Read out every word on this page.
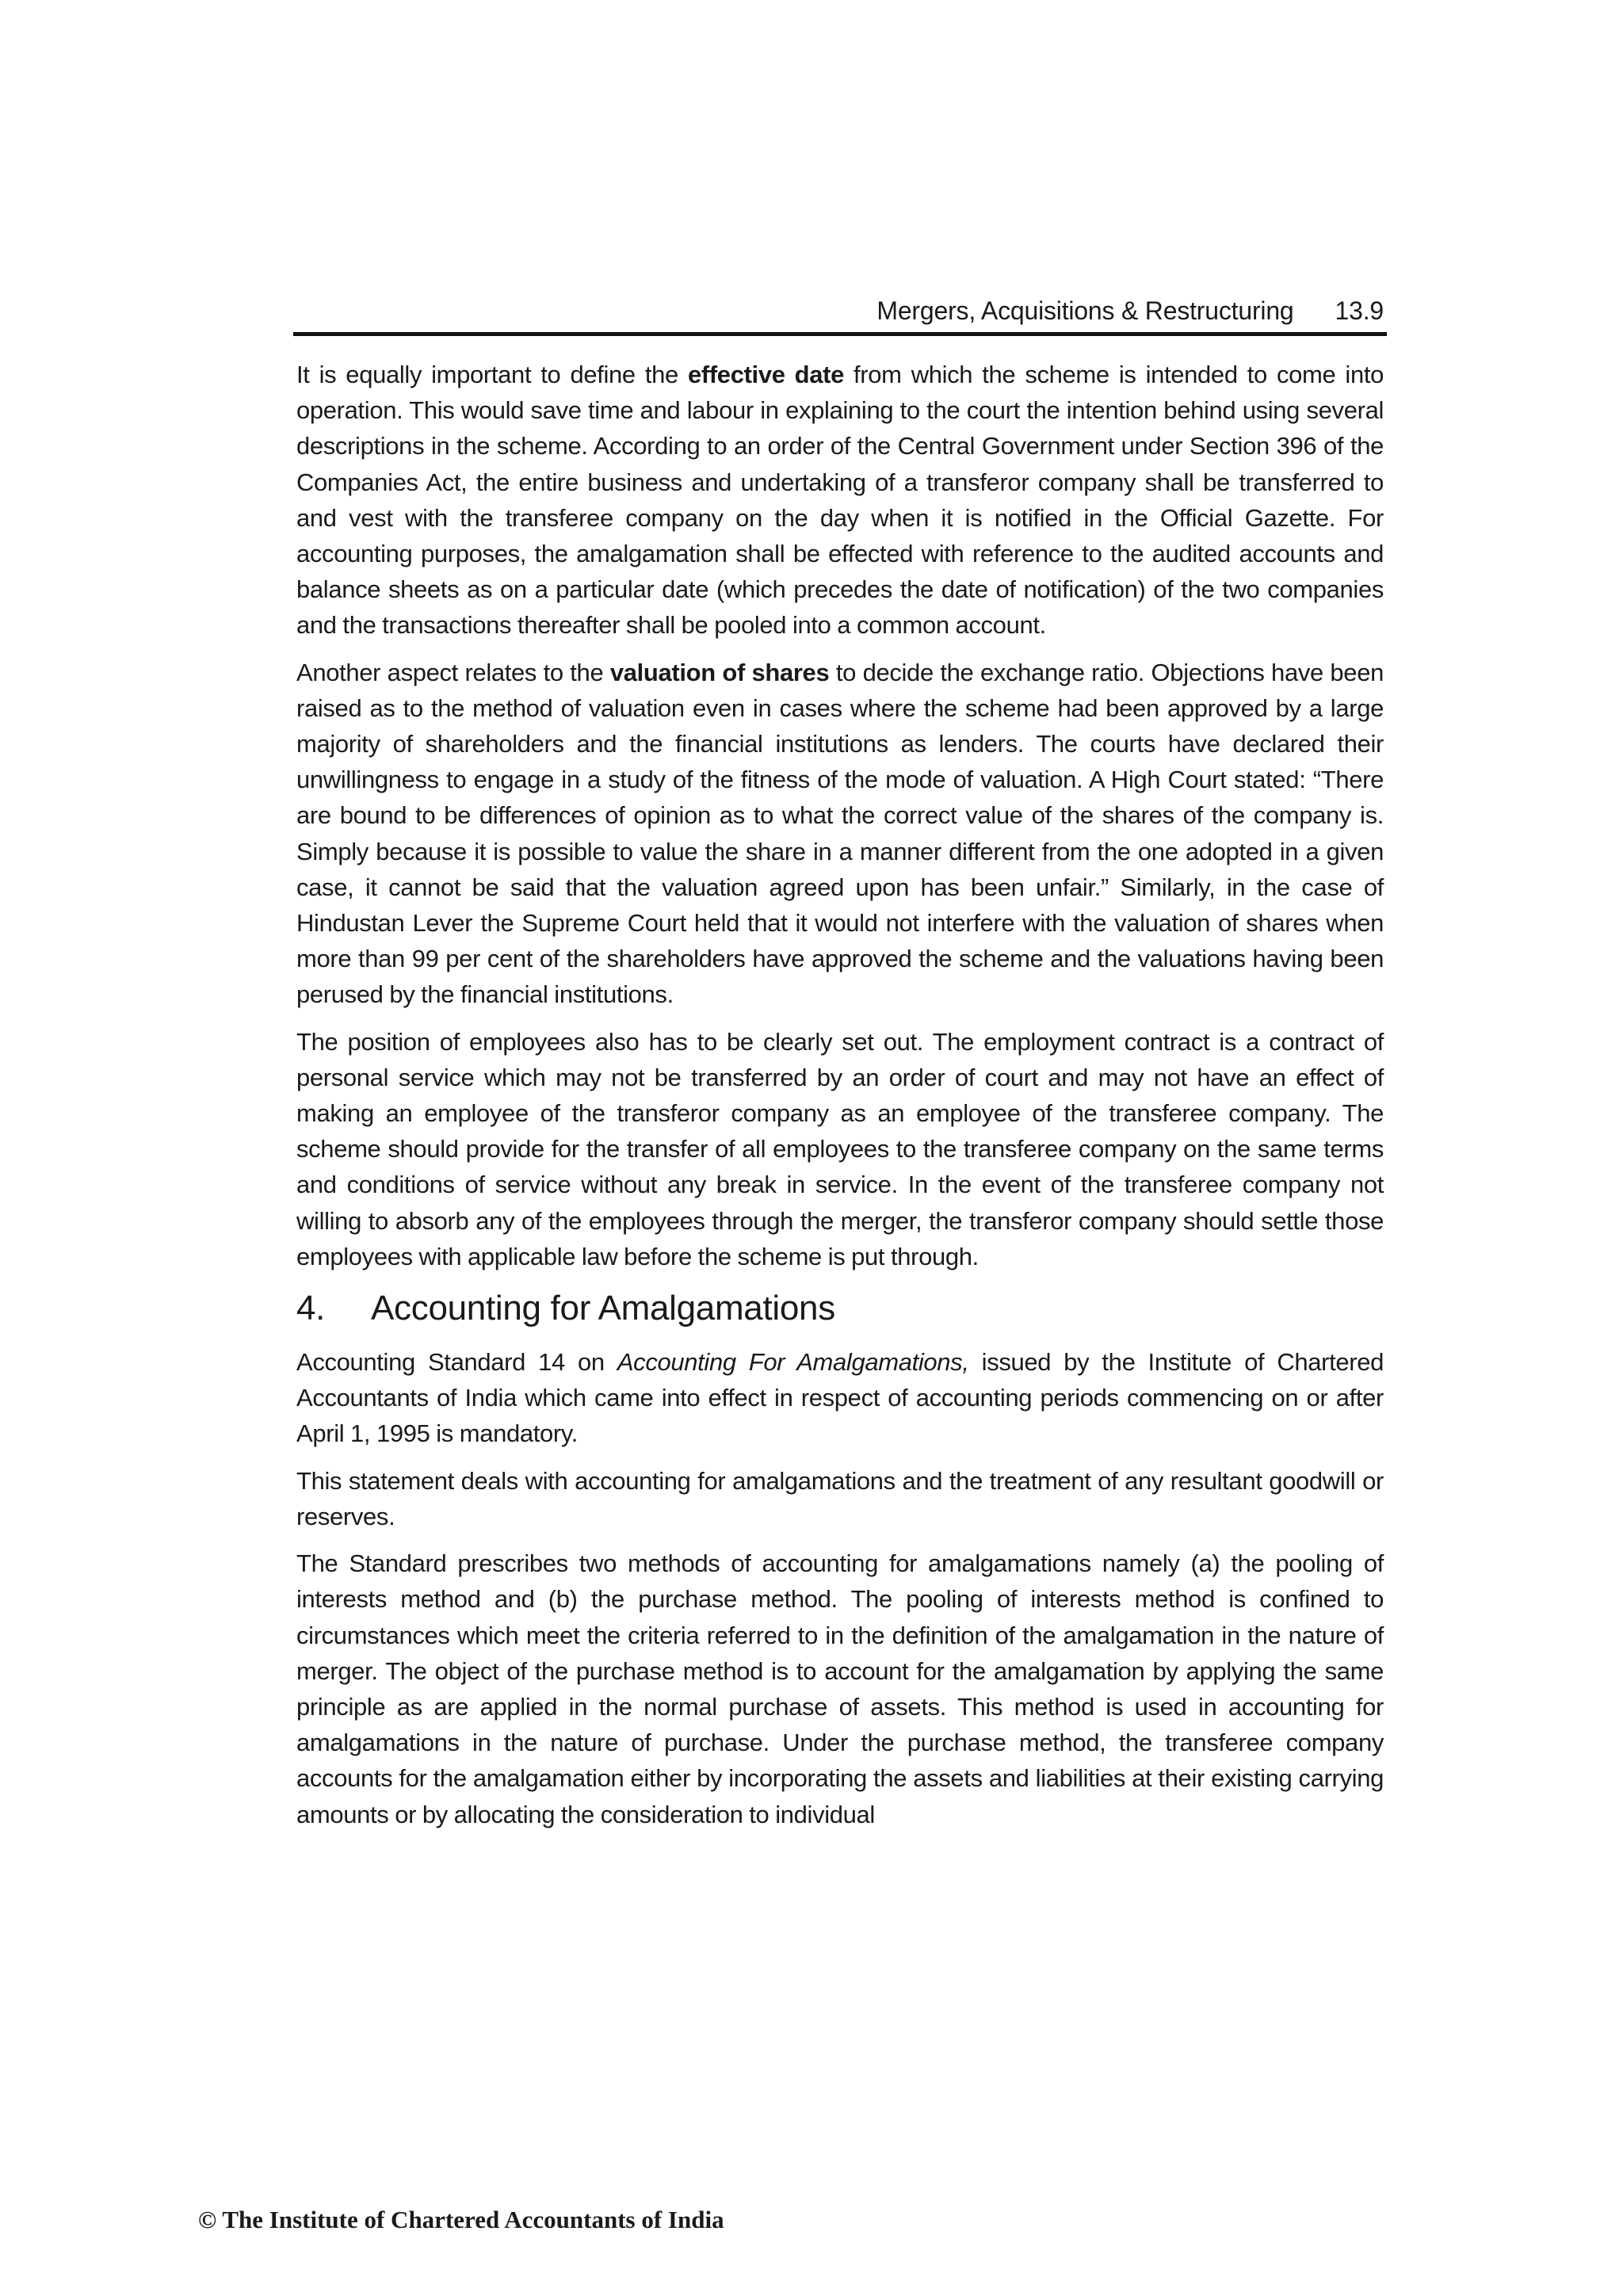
Mergers, Acquisitions & Restructuring 13.9

It is equally important to define the effective date from which the scheme is intended to come into operation. This would save time and labour in explaining to the court the intention behind using several descriptions in the scheme. According to an order of the Central Government under Section 396 of the Companies Act, the entire business and undertaking of a transferor company shall be transferred to and vest with the transferee company on the day when it is notified in the Official Gazette. For accounting purposes, the amalgamation shall be effected with reference to the audited accounts and balance sheets as on a particular date (which precedes the date of notification) of the two companies and the transactions thereafter shall be pooled into a common account.

Another aspect relates to the valuation of shares to decide the exchange ratio. Objections have been raised as to the method of valuation even in cases where the scheme had been approved by a large majority of shareholders and the financial institutions as lenders. The courts have declared their unwillingness to engage in a study of the fitness of the mode of valuation. A High Court stated: “There are bound to be differences of opinion as to what the correct value of the shares of the company is. Simply because it is possible to value the share in a manner different from the one adopted in a given case, it cannot be said that the valuation agreed upon has been unfair.” Similarly, in the case of Hindustan Lever the Supreme Court held that it would not interfere with the valuation of shares when more than 99 per cent of the shareholders have approved the scheme and the valuations having been perused by the financial institutions.

The position of employees also has to be clearly set out. The employment contract is a contract of personal service which may not be transferred by an order of court and may not have an effect of making an employee of the transferor company as an employee of the transferee company. The scheme should provide for the transfer of all employees to the transferee company on the same terms and conditions of service without any break in service. In the event of the transferee company not willing to absorb any of the employees through the merger, the transferor company should settle those employees with applicable law before the scheme is put through.

4.	Accounting for Amalgamations

Accounting Standard 14 on Accounting For Amalgamations, issued by the Institute of Chartered Accountants of India which came into effect in respect of accounting periods commencing on or after April 1, 1995 is mandatory.

This statement deals with accounting for amalgamations and the treatment of any resultant goodwill or reserves.

The Standard prescribes two methods of accounting for amalgamations namely (a) the pooling of interests method and (b) the purchase method. The pooling of interests method is confined to circumstances which meet the criteria referred to in the definition of the amalgamation in the nature of merger. The object of the purchase method is to account for the amalgamation by applying the same principle as are applied in the normal purchase of assets. This method is used in accounting for amalgamations in the nature of purchase. Under the purchase method, the transferee company accounts for the amalgamation either by incorporating the assets and liabilities at their existing carrying amounts or by allocating the consideration to individual

© The Institute of Chartered Accountants of India
